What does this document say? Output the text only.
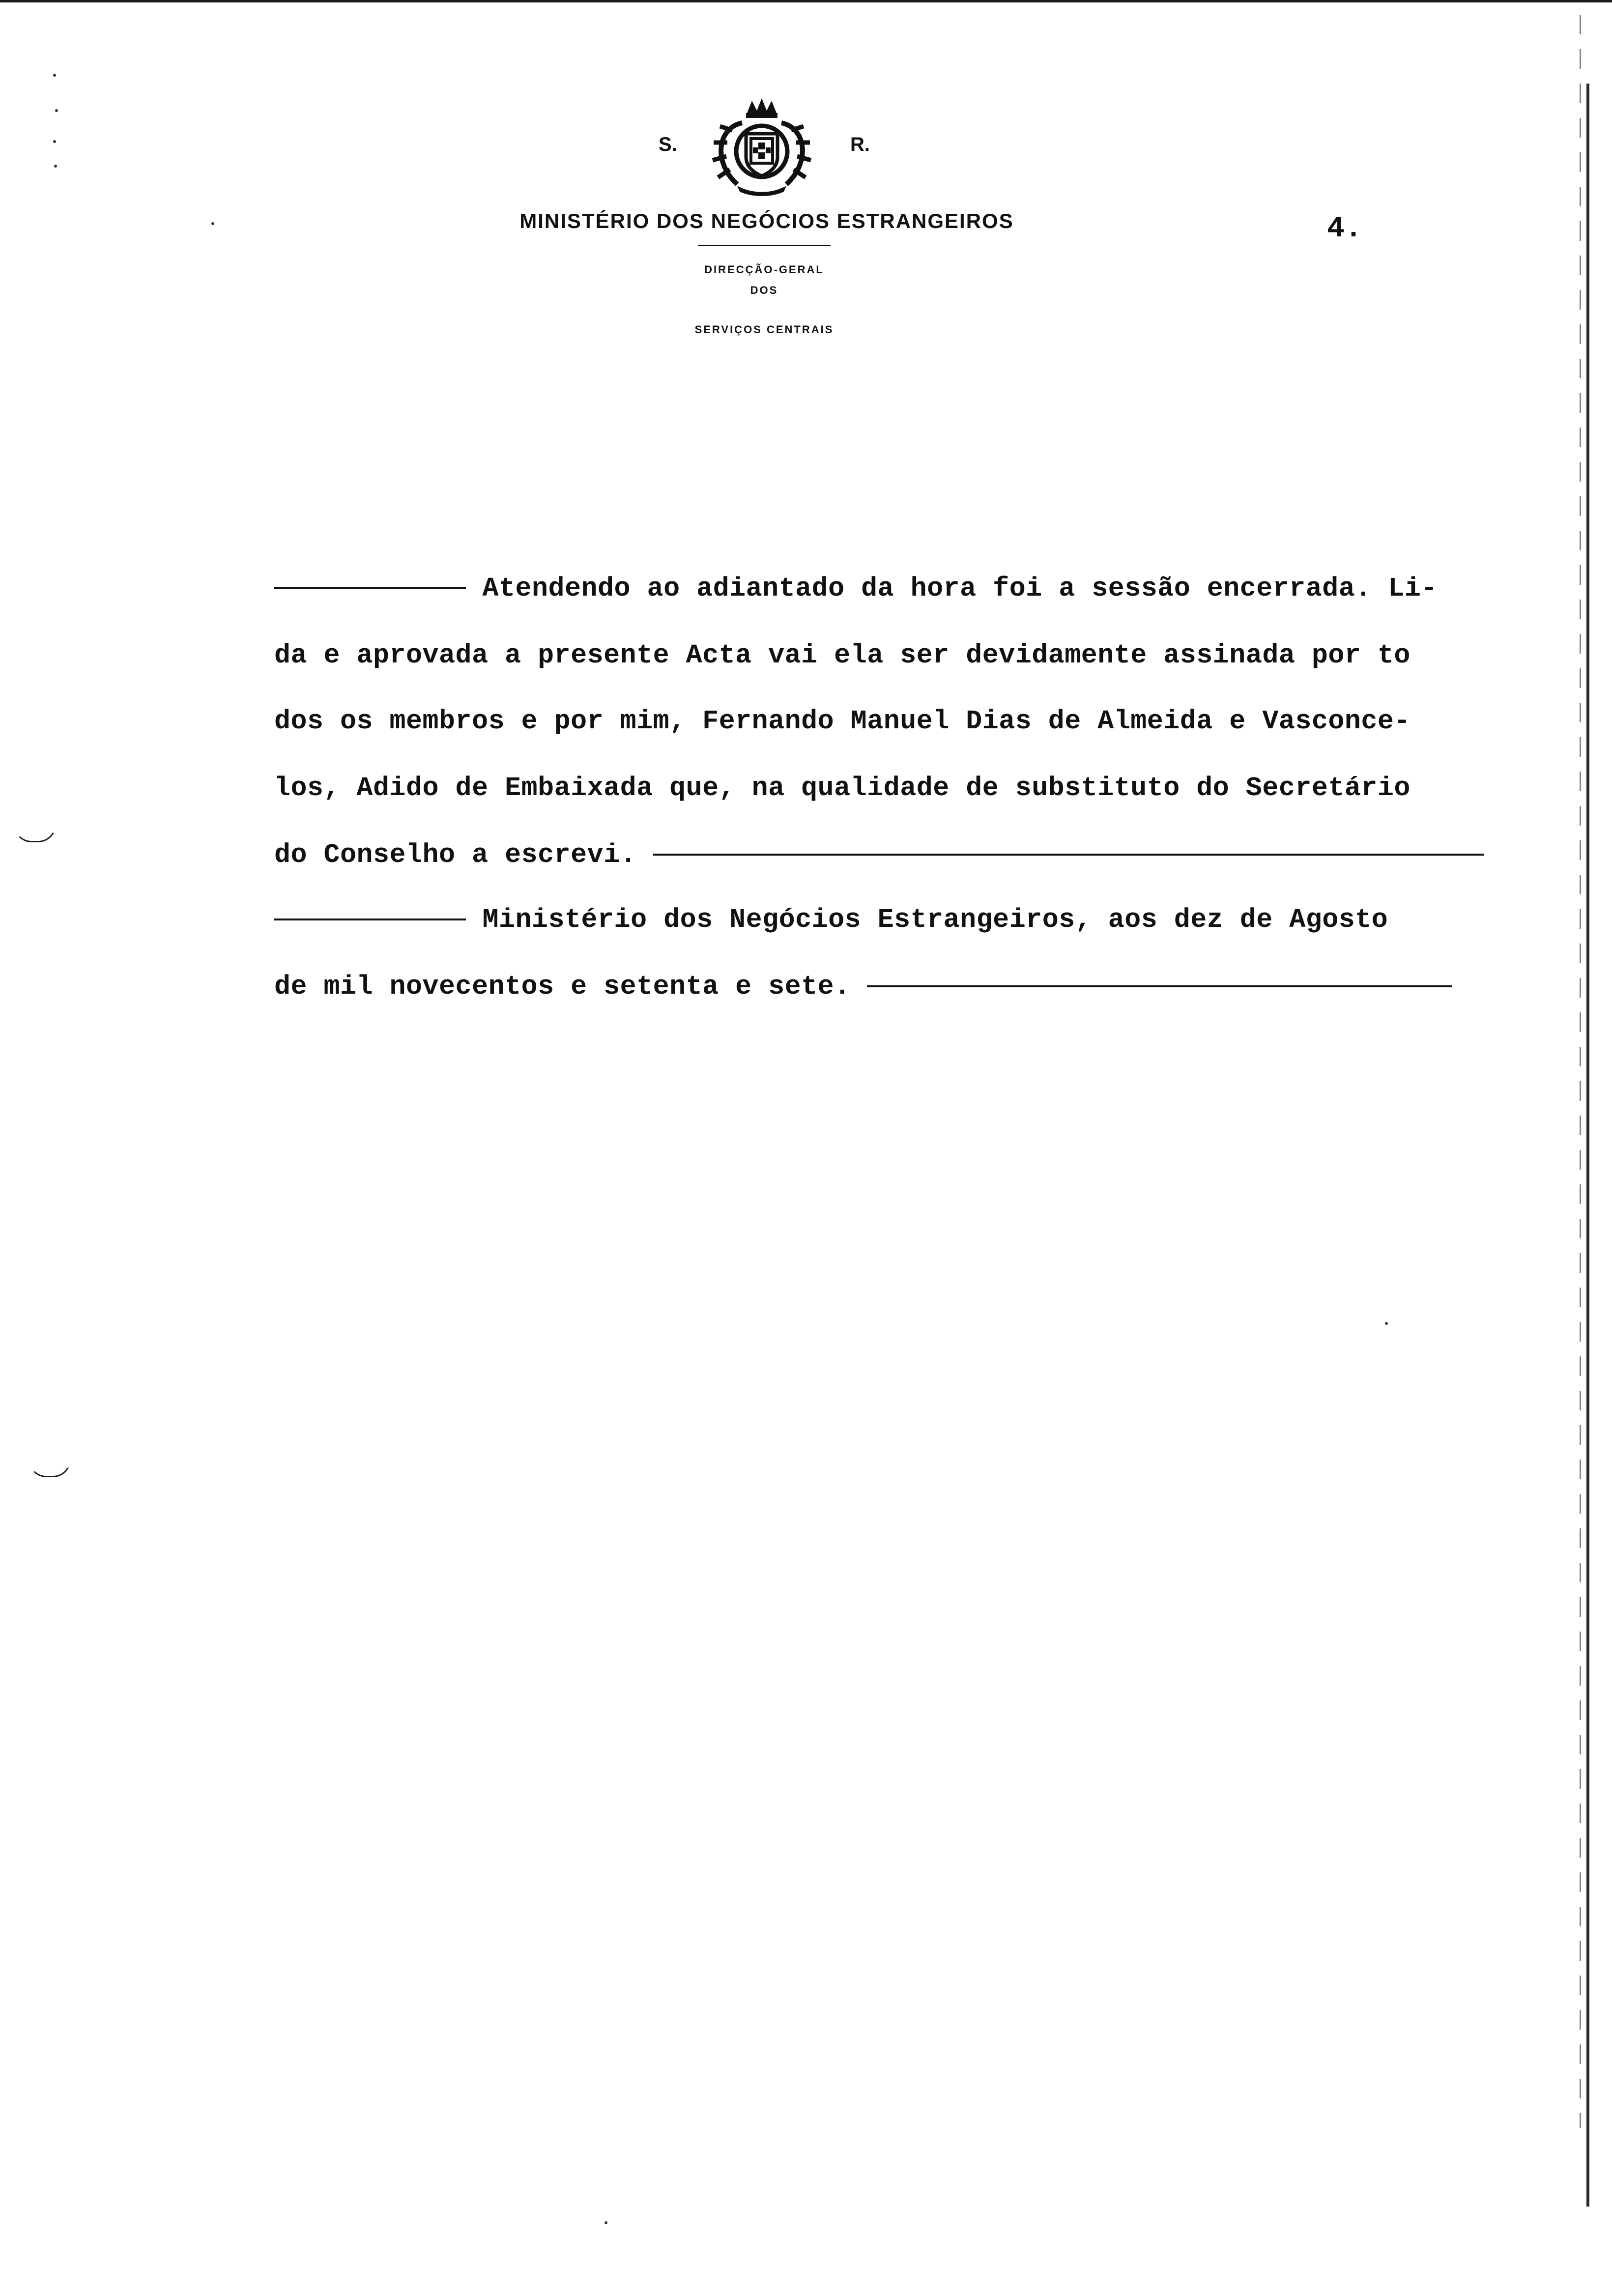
S.	R.
MINISTÉRIO DOS NEGÓCIOS ESTRANGEIROS
DIRECÇÃO-GERAL
DOS
SERVIÇOS CENTRAIS
4.
Atendendo ao adiantado da hora foi a sessão encerrada. Li-
da e aprovada a presente Acta vai ela ser devidamente assinada por to
dos os membros e por mim, Fernando Manuel Dias de Almeida e Vasconce-
los, Adido de Embaixada que, na qualidade de substituto do Secretário
do Conselho a escrevi.
Ministério dos Negócios Estrangeiros, aos dez de Agosto
de mil novecentos e setenta e sete.
